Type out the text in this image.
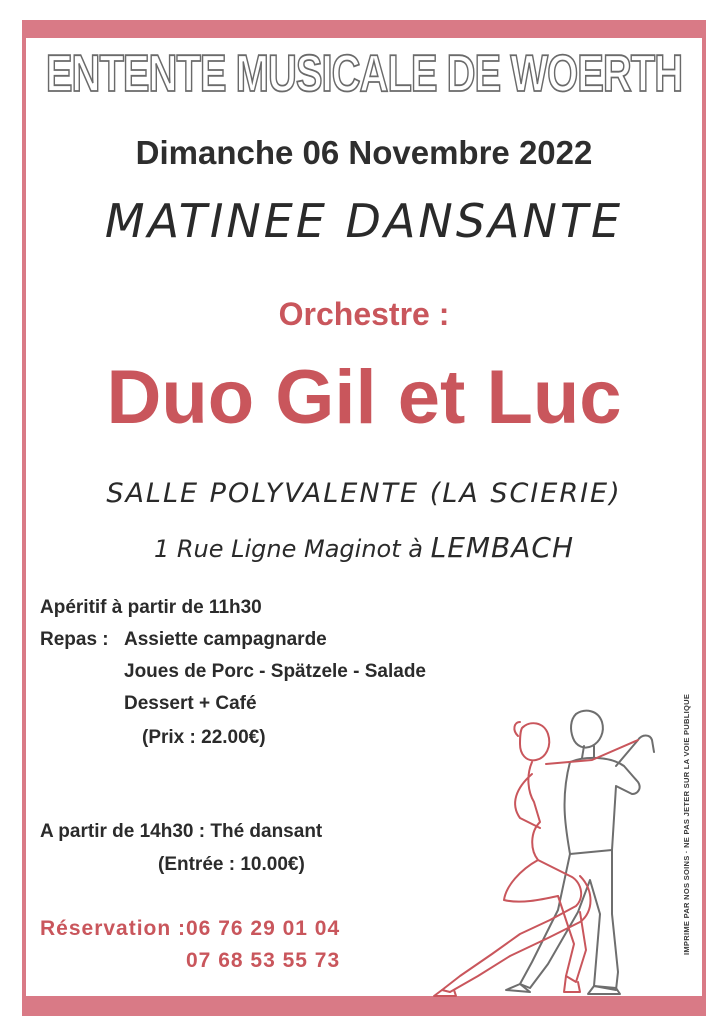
ENTENTE MUSICALE DE WOERTH
Dimanche 06 Novembre 2022
MATINEE DANSANTE
Orchestre :
Duo Gil et Luc
SALLE POLYVALENTE (LA SCIERIE)
1 Rue Ligne Maginot à LEMBACH
Apéritif à partir de 11h30
Repas : Assiette campagnarde
Joues de Porc - Spätzele - Salade
Dessert + Café
(Prix : 22.00€)
A partir de 14h30 : Thé dansant
(Entrée : 10.00€)
Réservation : 06 76 29 01 04
07 68 53 55 73
IMPRIME PAR NOS SOINS · NE PAS JETER SUR LA VOIE PUBLIQUE
